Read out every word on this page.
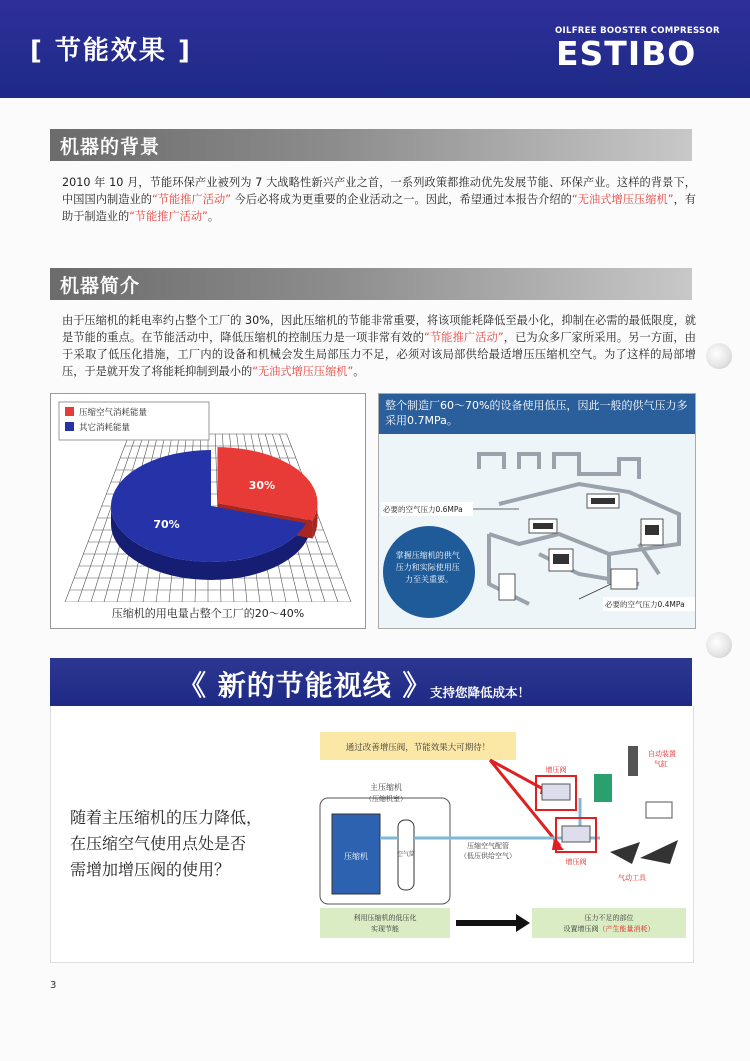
[ 节能效果 ]
OILFREE BOOSTER COMPRESSOR
ESTIBO
机器的背景
2010 年 10 月，节能环保产业被列为 7 大战略性新兴产业之首，一系列政策都推动优先发展节能、环保产业。这样的背景下，中国国内制造业的“节能推广活动” 今后必将成为更重要的企业活动之一。因此，希望通过本报告介绍的“无油式增压压缩机”，有助于制造业的“节能推广活动”。
机器简介
由于压缩机的耗电率约占整个工厂的 30%，因此压缩机的节能非常重要，将该项能耗降低至最小化，抑制在必需的最低限度，就是节能的重点。在节能活动中，降低压缩机的控制压力是一项非常有效的“节能推广活动”，已为众多厂家所采用。另一方面，由于采取了低压化措施，工厂内的设备和机械会发生局部压力不足，必须对该局部供给最适增压压缩机空气。为了这样的局部增压，于是就开发了将能耗抑制到最小的“无油式增压压缩机”。
压缩空气消耗能量
其它消耗能量
30%
70%
压缩机的用电量占整个工厂的20～40%
整个制造厂60～70%的设备使用低压，因此一般的供气压力多采用0.7MPa。
必要的空气压力0.6MPa
必要的空气压力0.4MPa
掌握压缩机的供气 压力和实际使用压 力至关重要。
《 新的节能视线 》
支持您降低成本！
随着主压缩机的压力降低，
在压缩空气使用点处是否
需增加增压阀的使用？
通过改善增压阀，节能效果大可期待！
主压缩机
（压缩机室）
压缩机	空气筒
压缩空气配管
（低压供给空气）
增压阀
增压阀
自动装置
气缸
气动工具
利用压缩机的低压化
实现节能
压力不足的部位
设置增压阀（产生能量消耗）
3
